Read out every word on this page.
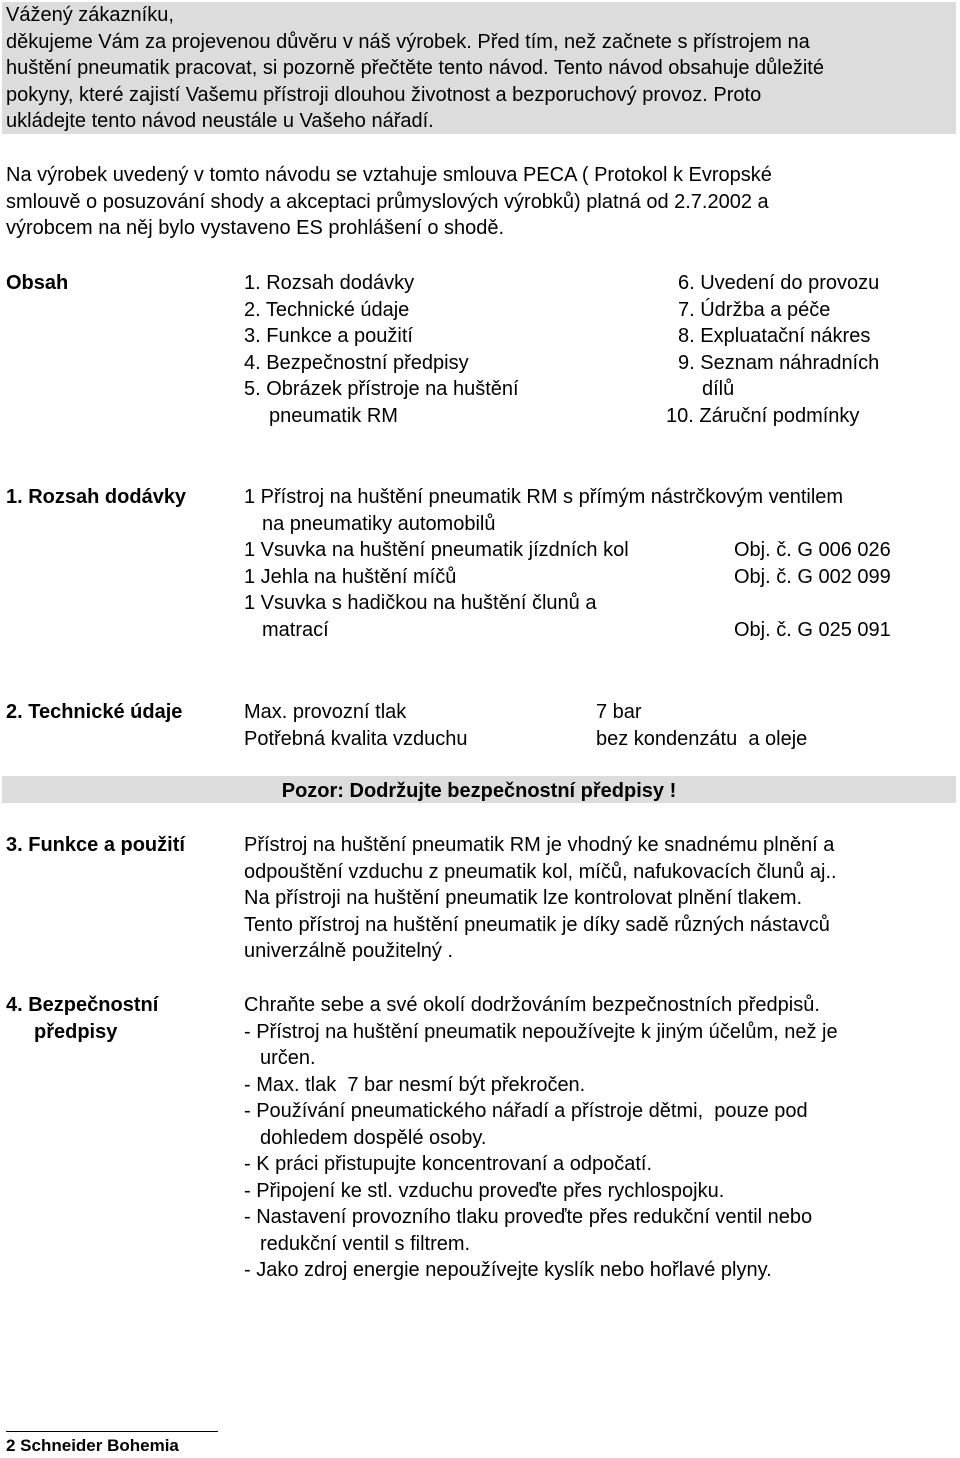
Vážený zákazníku,

děkujeme Vám za projevenou důvěru v náš výrobek. Před tím, než začnete s přístrojem na

huštění pneumatik pracovat, si pozorně přečtěte tento návod. Tento návod obsahuje důležité

pokyny, které zajistí Vašemu přístroji dlouhou životnost a bezporuchový provoz. Proto

ukládejte tento návod neustále u Vašeho nářadí.

Na výrobek uvedený v tomto návodu se vztahuje smlouva PECA ( Protokol k Evropské
smlouvě o posuzování shody a akceptaci průmyslových výrobků) platná od 2.7.2002 a
výrobcem na něj bylo vystaveno ES prohlášení o shodě.
Obsah	1. Rozsah dodávky
2. Technické údaje
3. Funkce a použití
4. Bezpečnostní předpisy
5. Obrázek přístroje na huštění
pneumatik RM
6. Uvedení do provozu
7. Údržba a péče
8. Expluatační nákres
9. Seznam náhradních
dílů
10. Záruční podmínky
1. Rozsah dodávky	1 Přístroj na huštění pneumatik RM s přímým nástrčkovým ventilem
na pneumatiky automobilů
1 Vsuvka na huštění pneumatik jízdních kol	Obj. č. G 006 026
1 Jehla na huštění míčů	Obj. č. G 002 099
1 Vsuvka s hadičkou na huštění člunů a
matrací	Obj. č. G 025 091
2. Technické údaje	Max. provozní tlak	7 bar
Potřebná kvalita vzduchu	bez kondenzátu  a oleje
Pozor: Dodržujte bezpečnostní předpisy !
3. Funkce a použití	Přístroj na huštění pneumatik RM je vhodný ke snadnému plnění a
odpouštění vzduchu z pneumatik kol, míčů, nafukovacích člunů aj..
Na přístroji na huštění pneumatik lze kontrolovat plnění tlakem.
Tento přístroj na huštění pneumatik je díky sadě různých nástavců
univerzálně použitelný .
4. Bezpečnostní
předpisy
Chraňte sebe a své okolí dodržováním bezpečnostních předpisů.
- Přístroj na huštění pneumatik nepoužívejte k jiným účelům, než je
určen.
- Max. tlak  7 bar nesmí být překročen.
- Používání pneumatického nářadí a přístroje dětmi,  pouze pod
dohledem dospělé osoby.
- K práci přistupujte koncentrovaní a odpočatí.
- Připojení ke stl. vzduchu proveďte přes rychlospojku.
- Nastavení provozního tlaku proveďte přes redukční ventil nebo
redukční ventil s filtrem.
- Jako zdroj energie nepoužívejte kyslík nebo hořlavé plyny.
2 Schneider Bohemia
